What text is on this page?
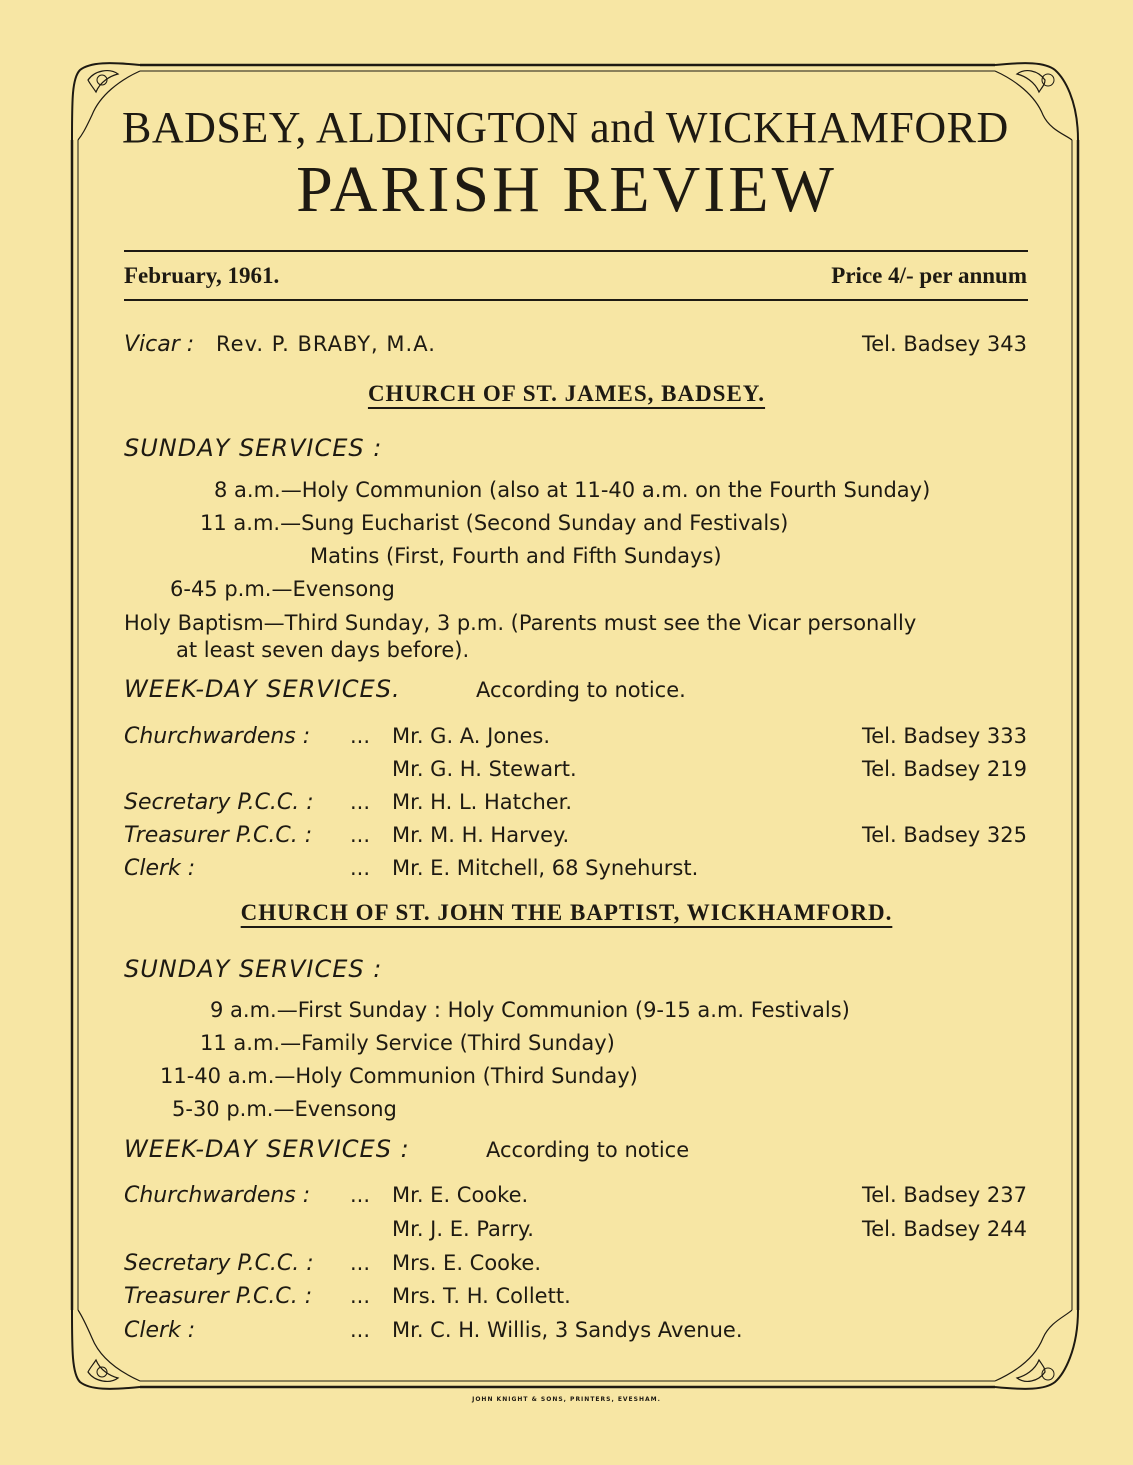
BADSEY, ALDINGTON and WICKHAMFORD
PARISH REVIEW
February, 1961.	Price 4/- per annum
Vicar : Rev. P. BRABY, M.A.	Tel. Badsey 343
CHURCH OF ST. JAMES, BADSEY.
SUNDAY SERVICES :
8 a.m.—Holy Communion (also at 11-40 a.m. on the Fourth Sunday)
11 a.m.—Sung Eucharist (Second Sunday and Festivals)
Matins (First, Fourth and Fifth Sundays)
6-45 p.m.—Evensong
Holy Baptism—Third Sunday, 3 p.m. (Parents must see the Vicar personally
at least seven days before).
WEEK-DAY SERVICES.	According to notice.
Churchwardens : ... Mr. G. A. Jones.	Tel. Badsey 333
Mr. G. H. Stewart.	Tel. Badsey 219
Secretary P.C.C. : ... Mr. H. L. Hatcher.
Treasurer P.C.C. : ... Mr. M. H. Harvey.	Tel. Badsey 325
Clerk :	... Mr. E. Mitchell, 68 Synehurst.
CHURCH OF ST. JOHN THE BAPTIST, WICKHAMFORD.
SUNDAY SERVICES :
9 a.m.—First Sunday : Holy Communion (9-15 a.m. Festivals)
11 a.m.—Family Service (Third Sunday)
11-40 a.m.—Holy Communion (Third Sunday)
5-30 p.m.—Evensong
WEEK-DAY SERVICES :	According to notice
Churchwardens : ... Mr. E. Cooke.	Tel. Badsey 237
Mr. J. E. Parry.	Tel. Badsey 244
Secretary P.C.C. : ... Mrs. E. Cooke.
Treasurer P.C.C. : ... Mrs. T. H. Collett.
Clerk :	... Mr. C. H. Willis, 3 Sandys Avenue.
JOHN KNIGHT & SONS, PRINTERS, EVESHAM.
